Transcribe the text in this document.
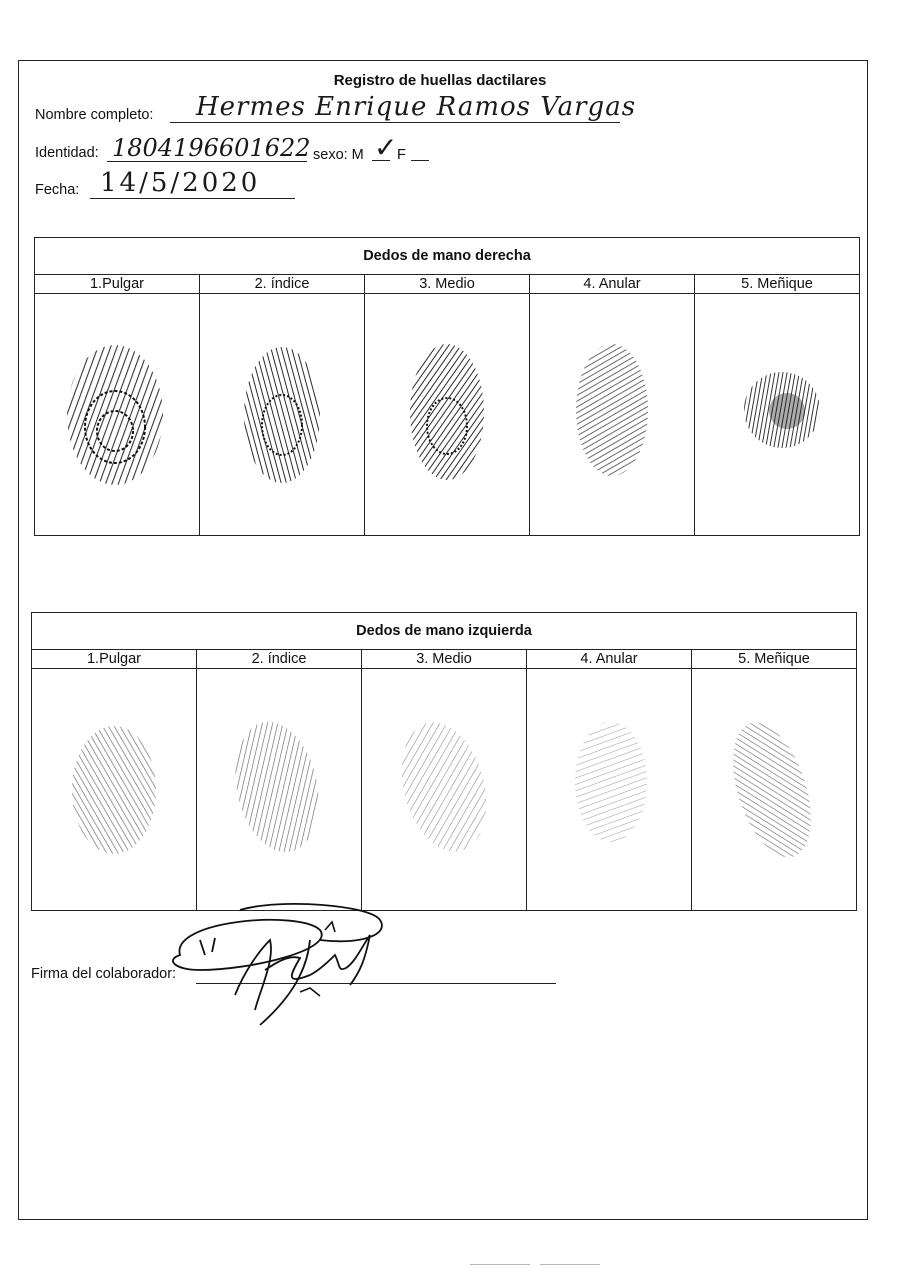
Registro de huellas dactilares
Nombre completo: Hermes Enrique Ramos Vargas
Identidad: 1804196601622 sexo: M ✓
F
Fecha: 14/5/2020
Dedos de mano derecha				
1.Pulgar	2. índice	3. Medio	4. Anular	5. Meñique

Dedos de mano izquierda				
1.Pulgar	2. índice	3. Medio	4. Anular	5. Meñique

Firma del colaborador:
